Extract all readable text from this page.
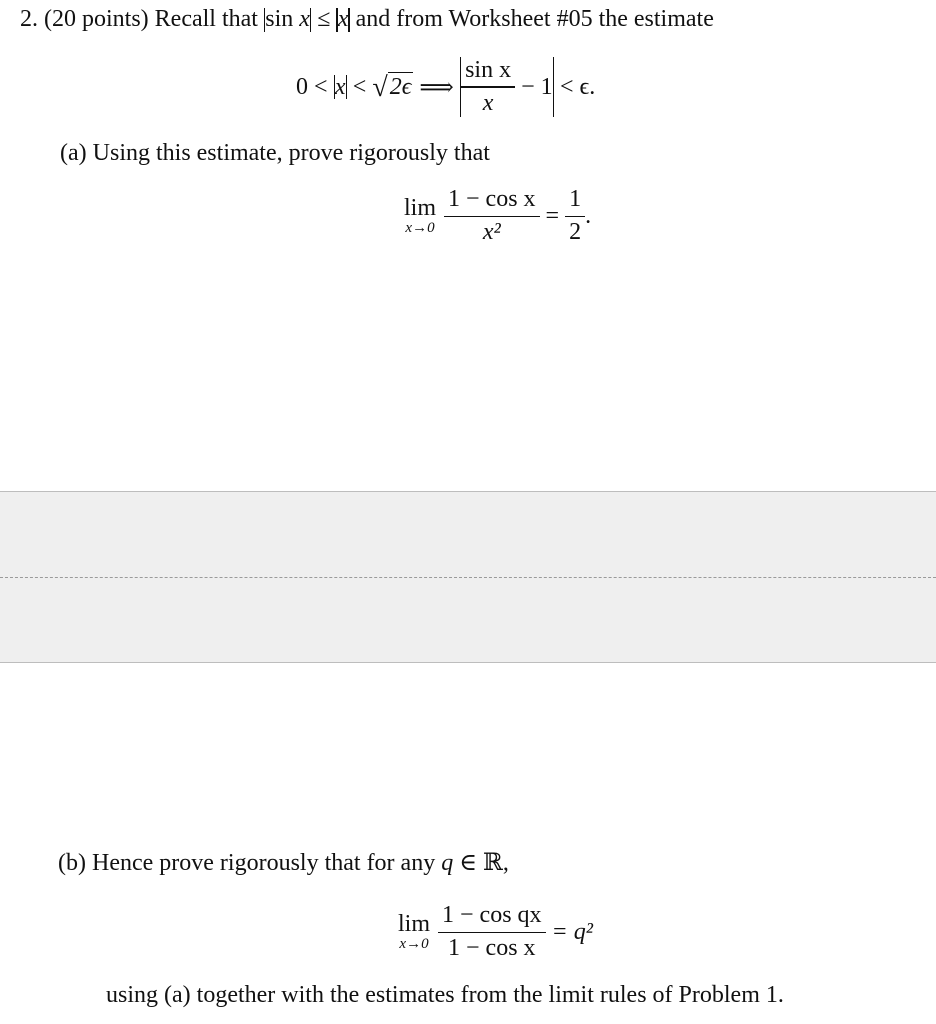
2. (20 points) Recall that sin x ≤ x and from Worksheet #05 the estimate
0 <
x
<
√ 2ϵ
⟹
$\frac{\text{sin x}}{x}$
− 1
< ϵ.
(a) Using this estimate, prove rigorously that
lim
$x\to 0 \frac{\text{1 − cos x}}{\text{x²}}$
=
$\frac{1}{2}$ .
(b) Hence prove rigorously that for any q ∈ ℝ,
lim
$x\to 0 \frac{\text{1 − cos qx}}{\text{1 − cos x}}$
= q²
using (a) together with the estimates from the limit rules of Problem 1.
